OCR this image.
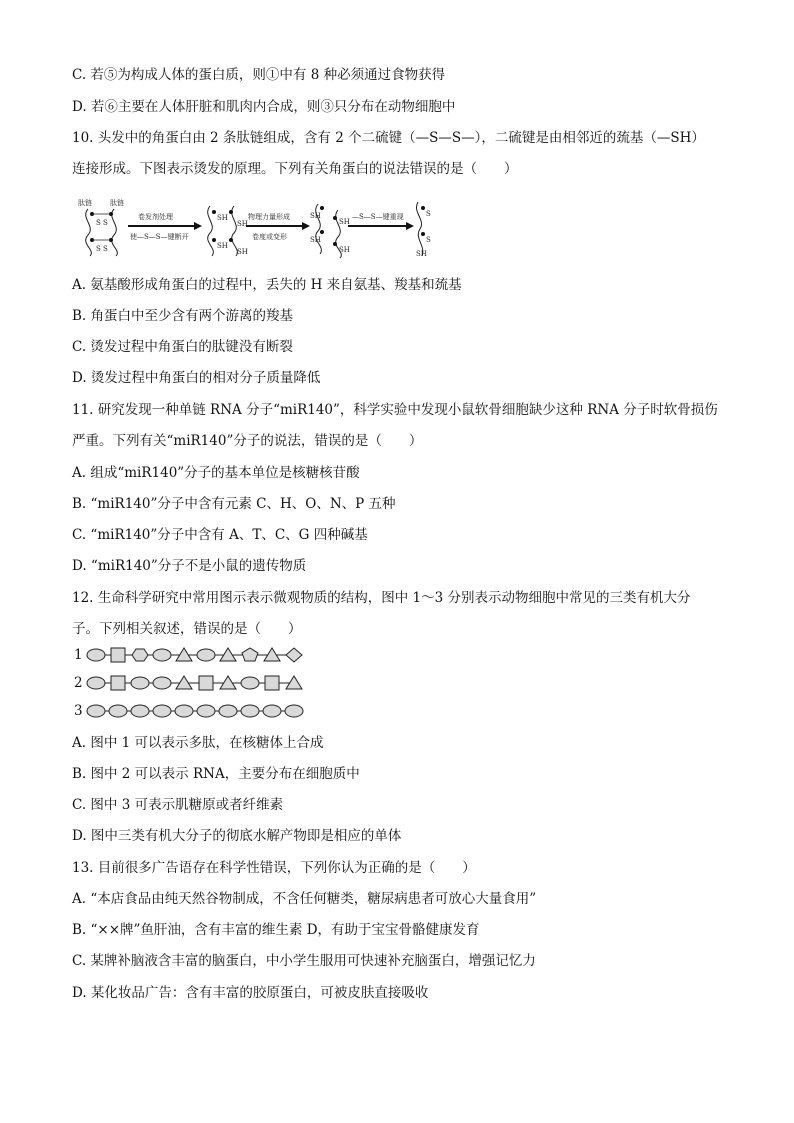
C. 若⑤为构成人体的蛋白质，则①中有 8 种必须通过食物获得
D. 若⑥主要在人体肝脏和肌肉内合成，则③只分布在动物细胞中
10. 头发中的角蛋白由 2 条肽链组成，含有 2 个二硫键（—S—S—），二硫键是由相邻近的巯基（—SH）
连接形成。下图表示烫发的原理。下列有关角蛋白的说法错误的是（　　）
肽链	肽链
S S
S S
卷发剂处理
使—S—S—键断开
SH
SH
SH
SH
物理力量形成
卷度或变形
SH
SH
SH
SH
—S—S—键重现	S
S
SH
A. 氨基酸形成角蛋白的过程中，丢失的 H 来自氨基、羧基和巯基
B. 角蛋白中至少含有两个游离的羧基
C. 烫发过程中角蛋白的肽键没有断裂
D. 烫发过程中角蛋白的相对分子质量降低
11. 研究发现一种单链 RNA 分子“miR140”，科学实验中发现小鼠软骨细胞缺少这种 RNA 分子时软骨损伤
严重。下列有关“miR140”分子的说法，错误的是（　　）
A. 组成“miR140”分子的基本单位是核糖核苷酸
B. “miR140”分子中含有元素 C、H、O、N、P 五种
C. “miR140”分子中含有 A、T、C、G 四种碱基
D. “miR140”分子不是小鼠的遗传物质
12. 生命科学研究中常用图示表示微观物质的结构，图中 1～3 分别表示动物细胞中常见的三类有机大分
子。下列相关叙述，错误的是（　　）
1
2
3
A. 图中 1 可以表示多肽，在核糖体上合成
B. 图中 2 可以表示 RNA，主要分布在细胞质中
C. 图中 3 可表示肌糖原或者纤维素
D. 图中三类有机大分子的彻底水解产物即是相应的单体
13. 目前很多广告语存在科学性错误，下列你认为正确的是（　　）
A. “本店食品由纯天然谷物制成，不含任何糖类，糖尿病患者可放心大量食用”
B. “××牌”鱼肝油，含有丰富的维生素 D，有助于宝宝骨骼健康发育
C. 某牌补脑液含丰富的脑蛋白，中小学生服用可快速补充脑蛋白，增强记忆力
D. 某化妆品广告：含有丰富的胶原蛋白，可被皮肤直接吸收
